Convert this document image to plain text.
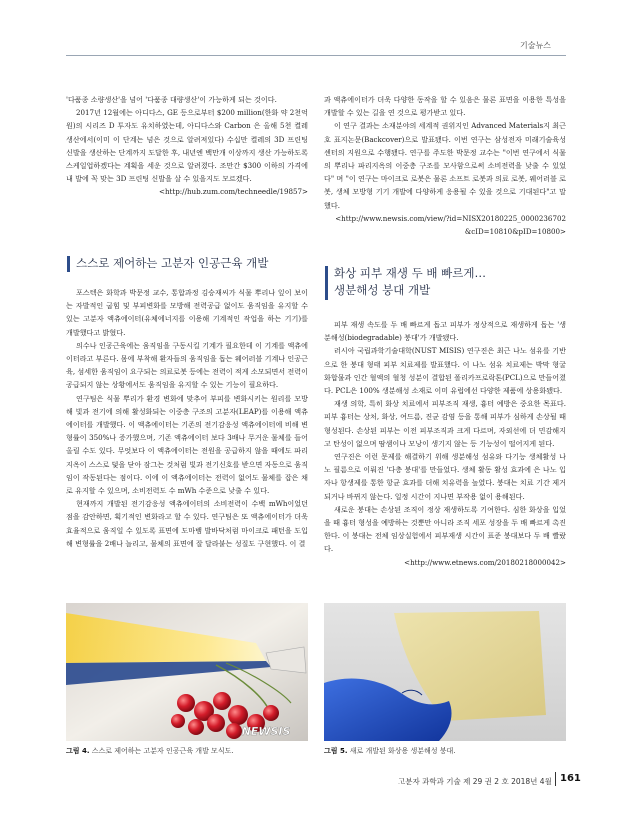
기술뉴스

'다품종 소량생산'을 넘어 '다품종 대량생산'이 가능하게 되는 것이다.

2017년 12월에는 아디다스, GE 등으로부터 $200 million(한화 약 2천억원)의 시리즈 D 투자도 유치하였는데, 아디다스와 Carbon 은 올해 5천 켤레 생산에서(이미 이 단계는 넘은 것으로 알려져있다) 수십만 켤레의 3D 프린팅 신발을 생산하는 단계까지 도달한 후, 내년엔 백만개 이상까지 생산 가능하도록 스케일업하겠다는 계획을 세운 것으로 알려졌다. 조만간 $300 이하의 가격에 내 발에 꼭 맞는 3D 프린팅 신발을 살 수 있을지도 모르겠다.

<http://hub.zum.com/techneedle/19857>
스스로 제어하는 고분자 인공근육 개발

포스텍은 화학과 박문정 교수, 통합과정 김승재씨가 식물 뿌리나 잎이 보이는 자발적인 굽힘 및 부피변화를 모방해 전력공급 없이도 움직임을 유지할 수 있는 고분자 액츄에이터(유체에너지를 이용해 기계적인 작업을 하는 기기)를 개발했다고 밝혔다.

의수나 인공근육에는 움직임을 구동시킬 기계가 필요한데 이 기계를 액츄에이터라고 부른다. 몸에 부착해 환자들의 움직임을 돕는 웨어러블 기계나 인공근육, 섬세한 움직임이 요구되는 의료로봇 등에는 전력이 적게 소모되면서 전력이 공급되지 않는 상황에서도 움직임을 유지할 수 있는 기능이 필요하다.

연구팀은 식물 뿌리가 환경 변화에 맞추어 부피를 변화시키는 원리를 모방해 빛과 전기에 의해 활성화되는 이중층 구조의 고분자(LEAP)를 이용해 액츄에이터를 개발했다. 이 액츄에이터는 기존의 전기감응성 액츄에이터에 비해 변형률이 350%나 증가했으며, 기존 액츄에이터 보다 3배나 무거운 물체를 들어올릴 수도 있다. 무엇보다 이 액츄에이터는 전원을 공급하지 않을 때에도 파리지옥이 스스로 덫을 닫아 잠그는 것처럼 빛과 전기신호를 받으면 자동으로 움직임이 작동된다는 점이다. 이에 이 액츄에이터는 전력이 없어도 물체를 잡은 채로 유지할 수 있으며, 소비전력도 수 mWh 수준으로 낮출 수 있다.

현재까지 개발된 전기감응성 액츄에이터의 소비전력이 수백 mWh이었던 점을 감안하면, 획기적인 변화라고 할 수 있다. 연구팀은 또 액츄에이터가 더욱 효율적으로 움직일 수 있도록 표면에 도마뱀 발바닥처럼 마이크로 패턴을 도입해 변형률을 2배나 늘리고, 물체의 표면에 잘 달라붙는 성질도 구현했다. 이 결

과 액츄에이터가 더욱 다양한 동작을 할 수 있음은 물론 표면을 이용한 특성을 개발할 수 있는 길을 연 것으로 평가받고 있다.

이 연구 결과는 소재분야의 세계적 권위지인 Advanced Materials지 최근호 표지논문(Backcover)으로 발표됐다. 이번 연구는 삼성전자 미래기술육성센터의 지원으로 수행됐다. 연구를 주도한 박문정 교수는 "이번 연구에서 식물의 뿌리나 파리지옥의 이중층 구조를 모사함으로써 소비전력을 낮출 수 있었다" 며 "이 연구는 마이크로 로봇은 물론 소프트 로봇과 의료 로봇, 웨어러블 로봇, 생체 모방형 기기 개발에 다양하게 응용될 수 있을 것으로 기대된다"고 말했다.

<http://www.newsis.com/view/?id=NISX20180225_0000236702
&cID=10810&pID=10800>
화상 피부 재생 두 배 빠르게…
생분해성 붕대 개발

피부 재생 속도를 두 배 빠르게 돕고 피부가 정상적으로 재생하게 돕는 '생분해성(biodegradable) 붕대'가 개발됐다.

러시아 국립과학기술대학(NUST MISIS) 연구진은 최근 나노 섬유를 기반으로 한 붕대 형태 피부 치료제를 발표했다. 이 나노 섬유 치료제는 박막 형굴 화합물과 인간 혈액의 혈청 성분이 결합된 폴리카프로락톤(PCL)으로 만들어졌다. PCL은 100% 생분해성 소재로 이미 유럽에선 다양한 제품에 상용화됐다.

재생 의학, 특히 화상 치료에서 피부조직 재생, 흉터 예방은 중요한 목표다. 피부 흉터는 상처, 화상, 여드름, 진균 감염 등을 통해 피부가 심하게 손상될 때 형성된다. 손상된 피부는 이전 피부조직과 크게 다르며, 자외선에 더 민감해지고 탄성이 없으며 땀샘이나 모낭이 생기지 않는 등 기능성이 떨어지게 된다.

연구진은 이런 문제를 해결하기 위해 생분해성 섬유와 다기능 생체활성 나노 필름으로 이뤄진 '다층 붕대'를 만들었다. 생체 활동 활성 효과에 은 나노 입자나 항생제를 통한 항균 효과를 더해 치유력을 높였다. 붕대는 치료 기간 제거되거나 바뀌지 않는다. 일정 시간이 지나면 부작용 없이 용해된다.

새로운 붕대는 손상된 조직이 정상 재생하도록 기여한다. 심한 화상을 입었을 때 흉터 형성을 예방하는 것뿐만 아니라 조직 세포 성장을 두 배 빠르게 촉진한다. 이 붕대는 전체 임상실험에서 피부재생 시간이 표준 붕대보다 두 배 빨랐다.

<http://www.etnews.com/20180218000042>
NEWSIS
그림 4. 스스로 제어하는 고분자 인공근육 개발 모식도.	그림 5. 새로 개발된 화상용 생분해성 붕대.
고분자 과학과 기술 제 29 권 2 호 2018년 4월 161
